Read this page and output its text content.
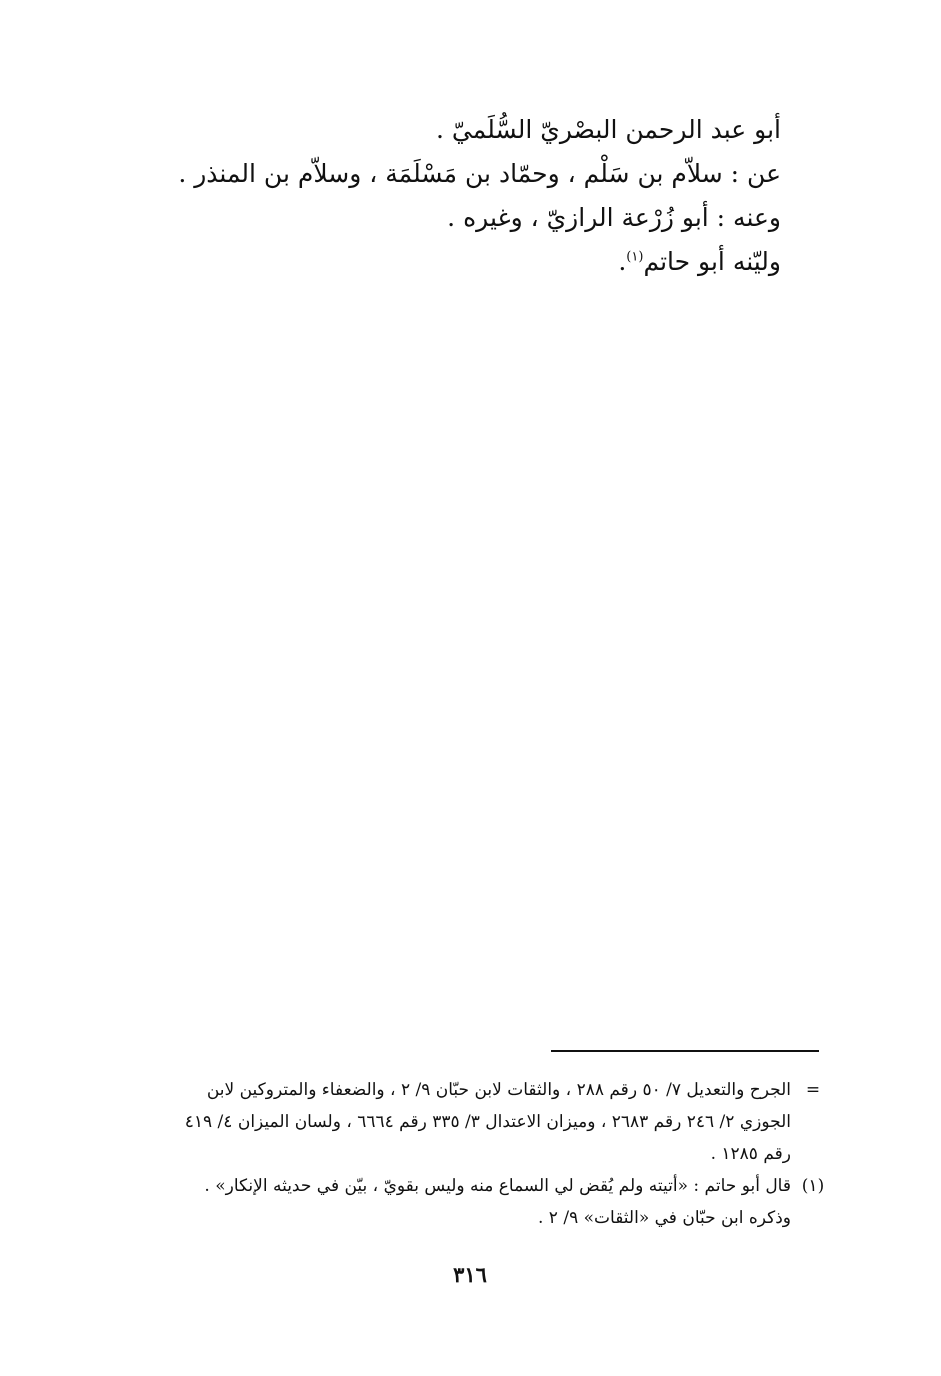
أبو عبد الرحمن البصْريّ السُّلَميّ .
عن : سلاّم بن سَلْم ، وحمّاد بن مَسْلَمَة ، وسلاّم بن المنذر .
وعنه : أبو زُرْعة الرازيّ ، وغيره .
وليّنه أبو حاتم$^{(١)}$.
=
الجرح والتعديل ٧/ ٥٠ رقم ٢٨٨ ، والثقات لابن حبّان ٩/ ٢ ، والضعفاء والمتروكين لابن
الجوزي ٢/ ٢٤٦ رقم ٢٦٨٣ ، وميزان الاعتدال ٣/ ٣٣٥ رقم ٦٦٦٤ ، ولسان الميزان ٤/ ٤١٩
رقم ١٢٨٥ .
(١)
قال أبو حاتم : «أتيته ولم يُقض لي السماع منه وليس بقويّ ، بيّن في حديثه الإنكار» .
وذكره ابن حبّان في «الثقات» ٩/ ٢ .
٣١٦
